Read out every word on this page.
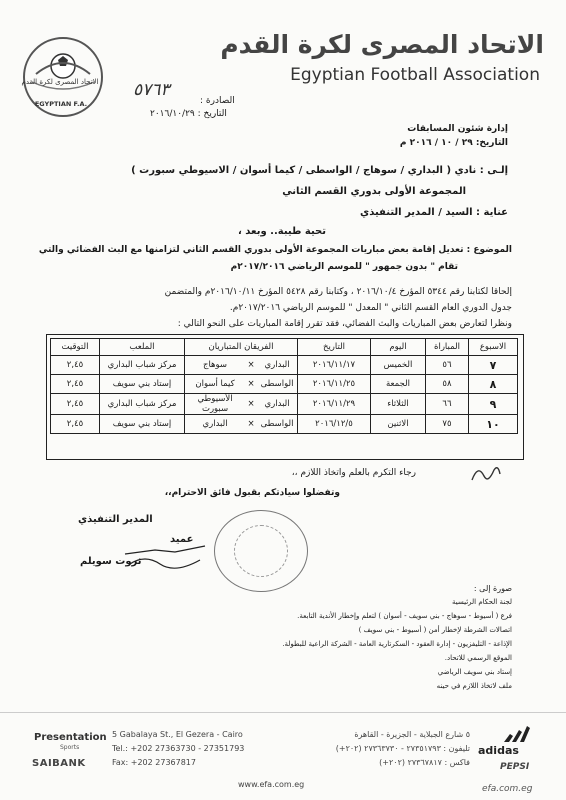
الاتحاد المصرى لكرة القدم
EGYPTIAN F.A.
الاتحاد المصرى لكرة القدم
Egyptian Football Association
٥٧٦٣
الصادرة :
التاريخ : ٢٠١٦/١٠/٢٩
إدارة شئون المسابقات
التاريخ: ٢٩ / ١٠ / ٢٠١٦ م
إلـى : نادي ( البداري / سوهاج / الواسطى / كيما أسوان / الاسيوطي سبورت )
المجموعة الأولى بدوري القسم الثاني
عناية : السيد / المدير التنفيذي
تحية طيبة.. وبعد ،
الموضوع : تعديل إقامة بعض مباريات المجموعة الأولى بدوري القسم الثاني لتزامنها مع البث الفضائي والتي
تقام " بدون جمهور " للموسم الرياضي ٢٠١٧/٢٠١٦م
إلحاقا لكتابنا رقم ٥٣٤٤ المؤرخ ٢٠١٦/١٠/٤ ، وكتابنا رقم ٥٤٢٨ المؤرخ ٢٠١٦/١٠/١١م والمتضمن
جدول الدوري العام القسم الثاني " المعدل " للموسم الرياضي ٢٠١٧/٢٠١٦م.
ونظرا لتعارض بعض المباريات والبث الفضائي، فقد تقرر إقامة المباريات على النحو التالي :
الاسبوع	المباراة	اليوم	التاريخ	الفريقان المتباريان			الملعب	التوقيت
٧	٥٦	الخميس	٢٠١٦/١١/١٧	البداري	×	سوهاج	مركز شباب البداري	٢,٤٥
٨	٥٨	الجمعة	٢٠١٦/١١/٢٥	الواسطى	×	كيما أسوان	إستاد بني سويف	٢,٤٥
٩	٦٦	الثلاثاء	٢٠١٦/١١/٢٩	البداري	×	الأسيوطي سبورت	مركز شباب البداري	٢,٤٥
١٠	٧٥	الاثنين	٢٠١٦/١٢/٥	الواسطى	×	البداري	إستاد بني سويف	٢,٤٥
رجاء التكرم بالعلم واتخاذ اللازم ،،
وتفضلوا سيادتكم بقبول فائق الاحترام،،
المدير التنفيذي
عميد
ثروت سويلم
صورة إلى :
لجنة الحكام الرئيسية
فرع ( أسيوط - سوهاج - بني سويف - أسوان ) لتعلم وإخطار الأندية التابعة.
اتصالات الشرطة لإخطار أمن ( أسيوط - بني سويف )
الإذاعة - التليفزيون - إدارة العقود - السكرتارية العامة - الشركة الراعية للبطولة.
الموقع الرسمي للاتحاد.
إستاد بني سويف الرياضي
ملف لاتخاذ اللازم في حينه
Presentation
Sports
SAIBANK
5 Gabalaya St., El Gezera - Cairo
Tel.: +202 27363730 - 27351793
Fax: +202 27367817
٥ شارع الجبلاية - الجزيرة - القاهرة
تليفون : ٢٧٣٥١٧٩٣ - ٢٧٣٦٣٧٣٠ (٢٠٢+)
فاكس : ٢٧٣٦٧٨١٧ (٢٠٢+)
www.efa.com.eg
adidas
PEPSI
efa.com.eg
